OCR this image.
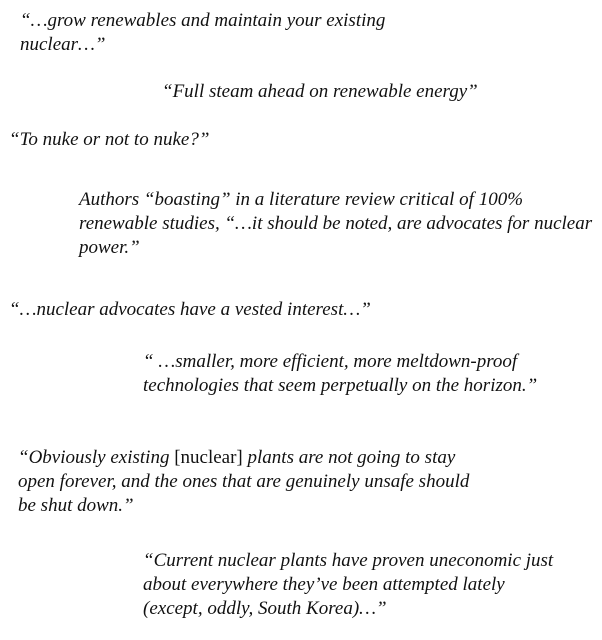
“…grow renewables and maintain your existing nuclear…”

“Full steam ahead on renewable energy”

“To nuke or not to nuke?”

Authors “boasting” in a literature review critical of 100% renewable studies, “…it should be noted, are advocates for nuclear power.”

“…nuclear advocates have a vested interest…”

“ …smaller, more efficient, more meltdown-proof technologies that seem perpetually on the horizon.”

“Obviously existing [nuclear] plants are not going to stay open forever, and the ones that are genuinely unsafe should be shut down.”

“Current nuclear plants have proven uneconomic just about everywhere they’ve been attempted lately (except, oddly, South Korea)…”
